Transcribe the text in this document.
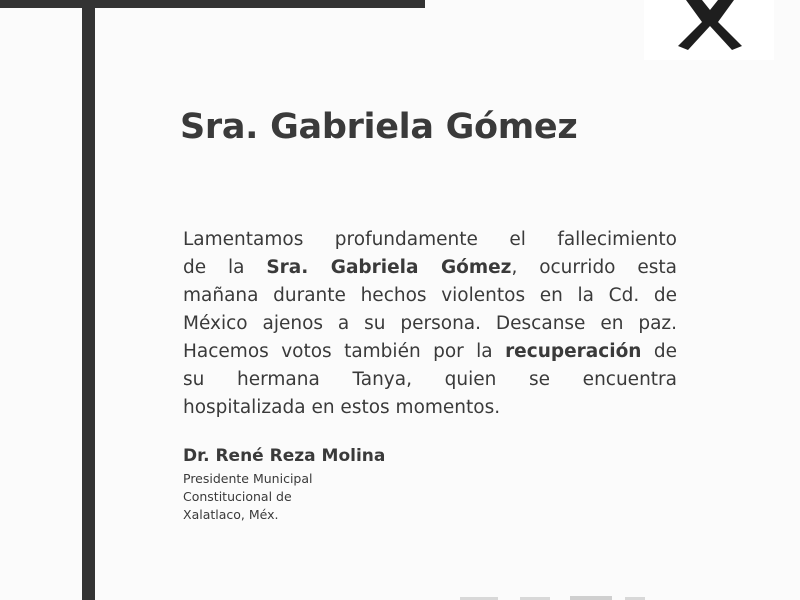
Sra. Gabriela Gómez
Lamentamos profundamente el fallecimiento
de la Sra. Gabriela Gómez, ocurrido esta
mañana durante hechos violentos en la Cd. de
México ajenos a su persona. Descanse en paz.
Hacemos votos también por la recuperación de
su hermana Tanya, quien se encuentra
hospitalizada en estos momentos.

Dr. René Reza Molina

Presidente Municipal
Constitucional de
Xalatlaco, Méx.
